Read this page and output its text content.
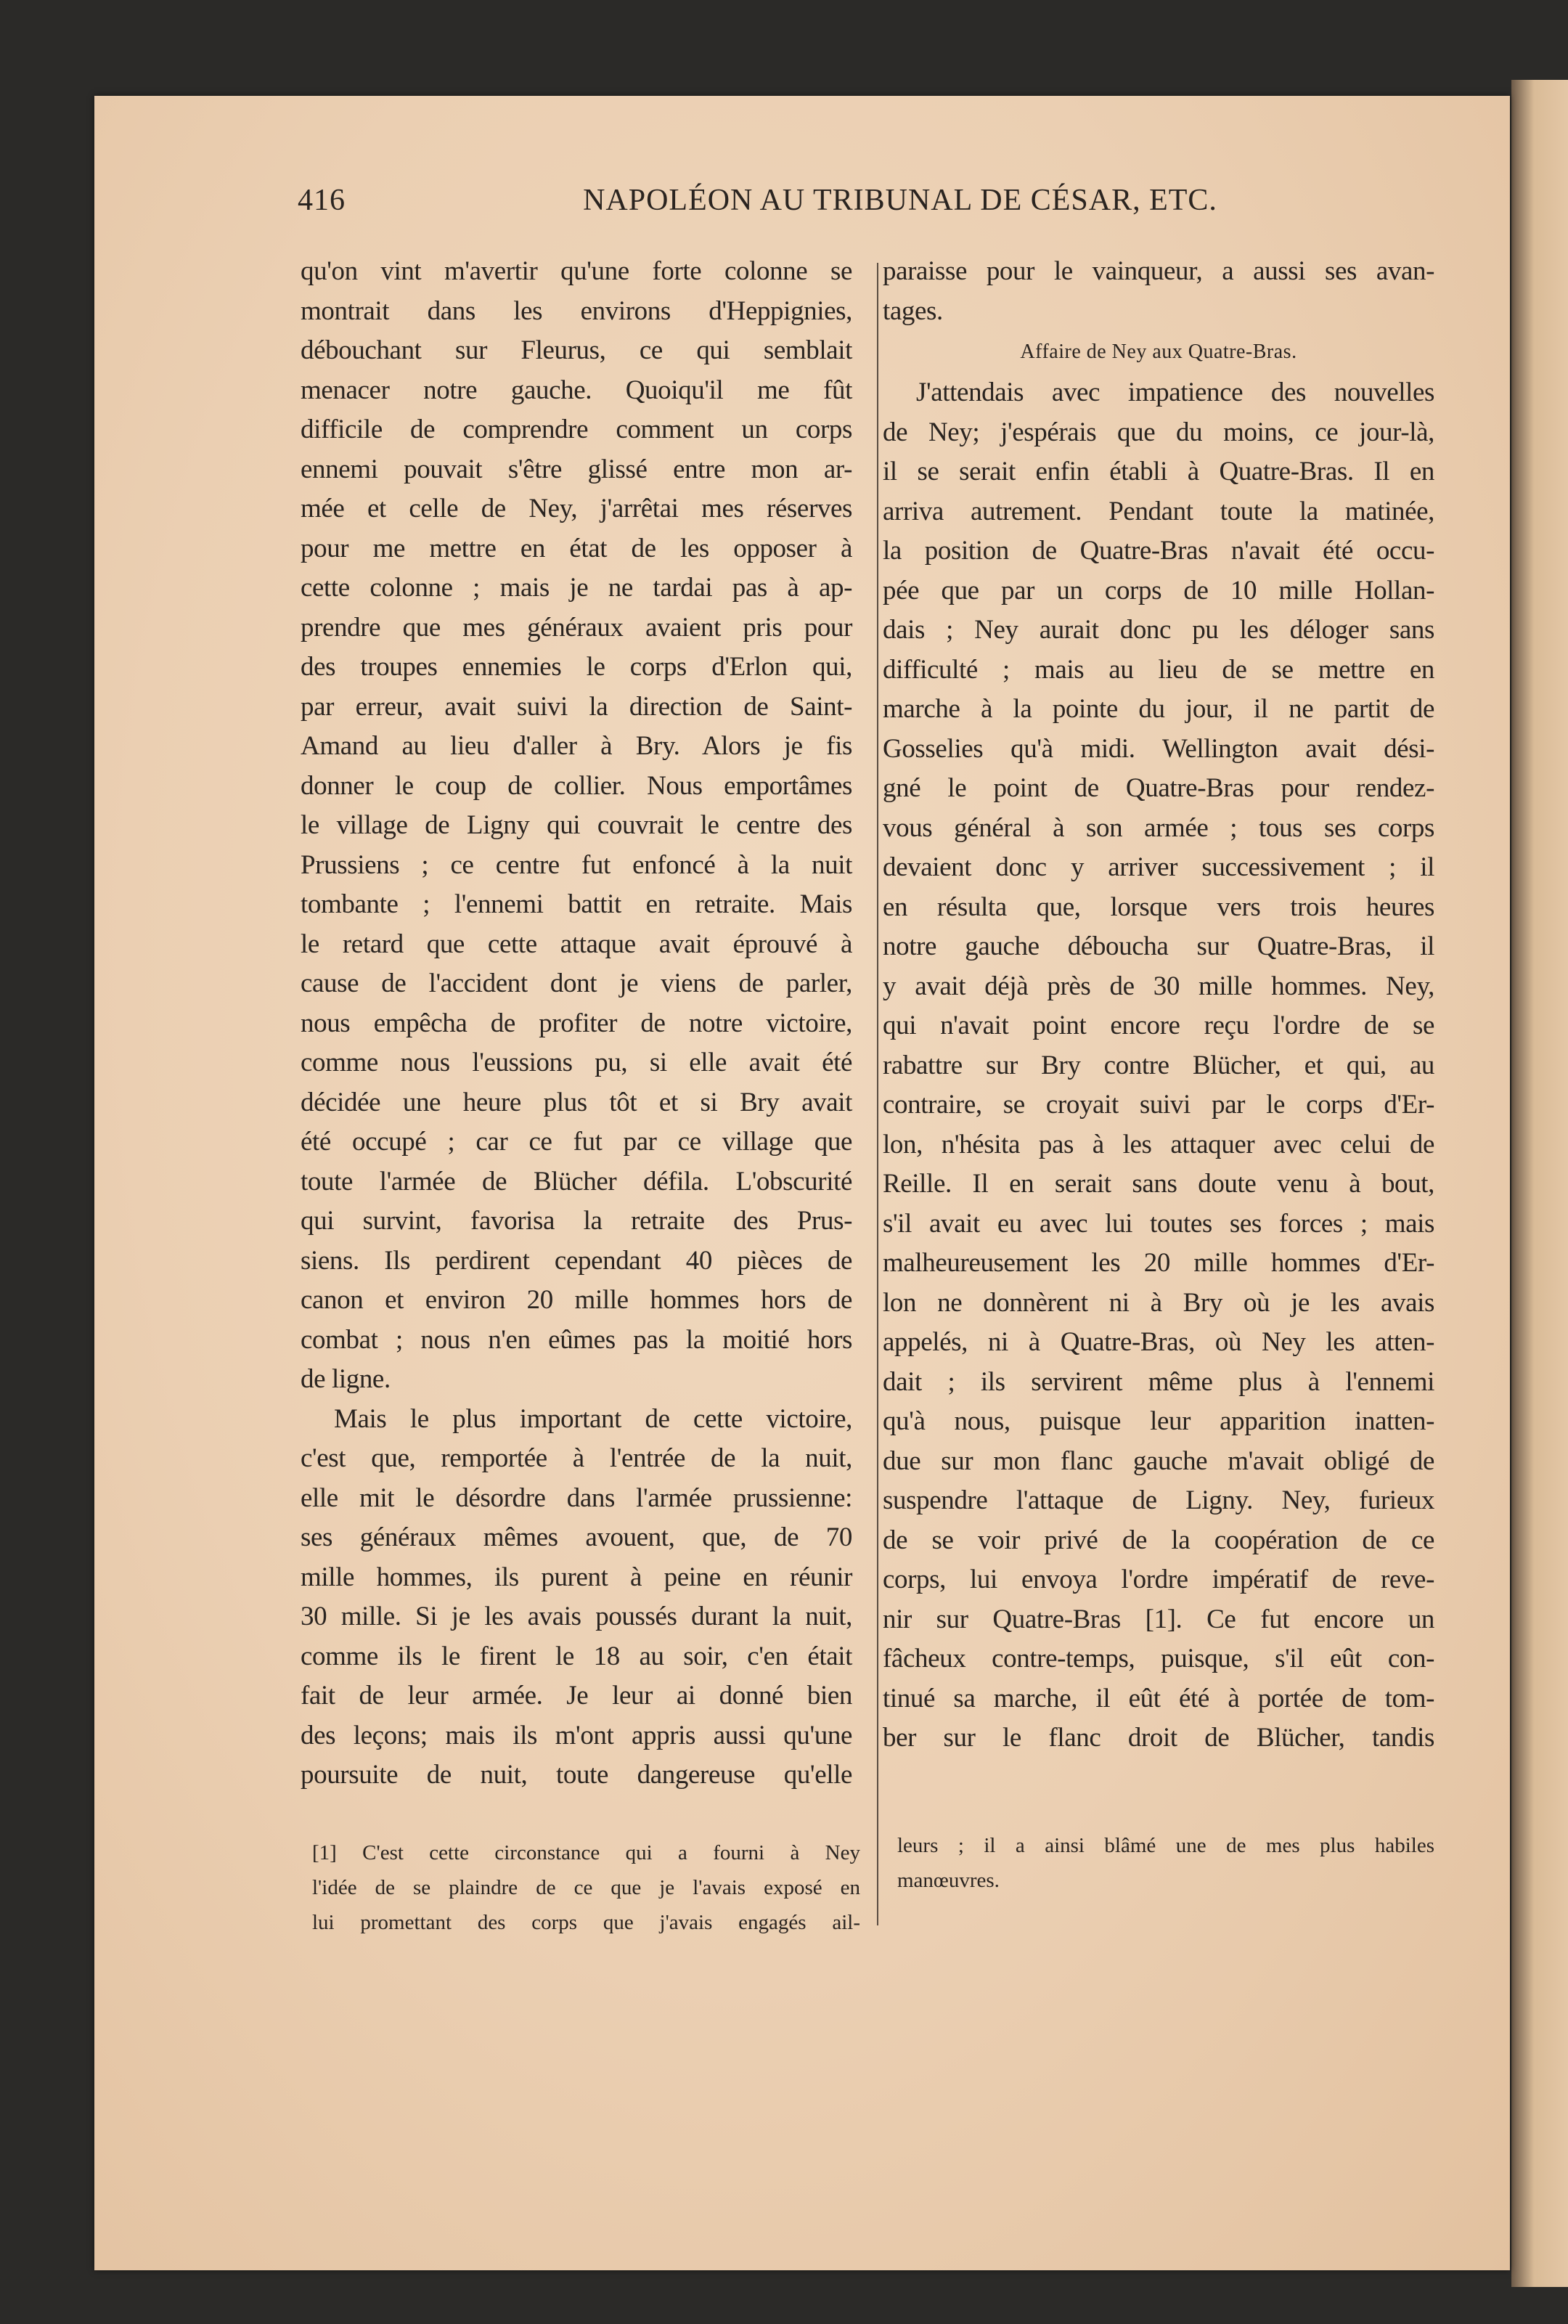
416	NAPOLÉON AU TRIBUNAL DE CÉSAR, ETC.
qu'on vint m'avertir qu'une forte colonne se
montrait dans les environs d'Heppignies,
débouchant sur Fleurus, ce qui semblait
menacer notre gauche. Quoiqu'il me fût
difficile de comprendre comment un corps
ennemi pouvait s'être glissé entre mon ar-
mée et celle de Ney, j'arrêtai mes réserves
pour me mettre en état de les opposer à
cette colonne ; mais je ne tardai pas à ap-
prendre que mes généraux avaient pris pour
des troupes ennemies le corps d'Erlon qui,
par erreur, avait suivi la direction de Saint-
Amand au lieu d'aller à Bry. Alors je fis
donner le coup de collier. Nous emportâmes
le village de Ligny qui couvrait le centre des
Prussiens ; ce centre fut enfoncé à la nuit
tombante ; l'ennemi battit en retraite. Mais
le retard que cette attaque avait éprouvé à
cause de l'accident dont je viens de parler,
nous empêcha de profiter de notre victoire,
comme nous l'eussions pu, si elle avait été
décidée une heure plus tôt et si Bry avait
été occupé ; car ce fut par ce village que
toute l'armée de Blücher défila. L'obscurité
qui survint, favorisa la retraite des Prus-
siens. Ils perdirent cependant 40 pièces de
canon et environ 20 mille hommes hors de
combat ; nous n'en eûmes pas la moitié hors
de ligne.
Mais le plus important de cette victoire,
c'est que, remportée à l'entrée de la nuit,
elle mit le désordre dans l'armée prussienne:
ses généraux mêmes avouent, que, de 70
mille hommes, ils purent à peine en réunir
30 mille. Si je les avais poussés durant la nuit,
comme ils le firent le 18 au soir, c'en était
fait de leur armée. Je leur ai donné bien
des leçons; mais ils m'ont appris aussi qu'une
poursuite de nuit, toute dangereuse qu'elle
paraisse pour le vainqueur, a aussi ses avan-
tages.
Affaire de Ney aux Quatre-Bras.
J'attendais avec impatience des nouvelles
de Ney; j'espérais que du moins, ce jour-là,
il se serait enfin établi à Quatre-Bras. Il en
arriva autrement. Pendant toute la matinée,
la position de Quatre-Bras n'avait été occu-
pée que par un corps de 10 mille Hollan-
dais ; Ney aurait donc pu les déloger sans
difficulté ; mais au lieu de se mettre en
marche à la pointe du jour, il ne partit de
Gosselies qu'à midi. Wellington avait dési-
gné le point de Quatre-Bras pour rendez-
vous général à son armée ; tous ses corps
devaient donc y arriver successivement ; il
en résulta que, lorsque vers trois heures
notre gauche déboucha sur Quatre-Bras, il
y avait déjà près de 30 mille hommes. Ney,
qui n'avait point encore reçu l'ordre de se
rabattre sur Bry contre Blücher, et qui, au
contraire, se croyait suivi par le corps d'Er-
lon, n'hésita pas à les attaquer avec celui de
Reille. Il en serait sans doute venu à bout,
s'il avait eu avec lui toutes ses forces ; mais
malheureusement les 20 mille hommes d'Er-
lon ne donnèrent ni à Bry où je les avais
appelés, ni à Quatre-Bras, où Ney les atten-
dait ; ils servirent même plus à l'ennemi
qu'à nous, puisque leur apparition inatten-
due sur mon flanc gauche m'avait obligé de
suspendre l'attaque de Ligny. Ney, furieux
de se voir privé de la coopération de ce
corps, lui envoya l'ordre impératif de reve-
nir sur Quatre-Bras [1]. Ce fut encore un
fâcheux contre-temps, puisque, s'il eût con-
tinué sa marche, il eût été à portée de tom-
ber sur le flanc droit de Blücher, tandis
[1] C'est cette circonstance qui a fourni à Ney
l'idée de se plaindre de ce que je l'avais exposé en
lui promettant des corps que j'avais engagés ail-
leurs ; il a ainsi blâmé une de mes plus habiles
manœuvres.
